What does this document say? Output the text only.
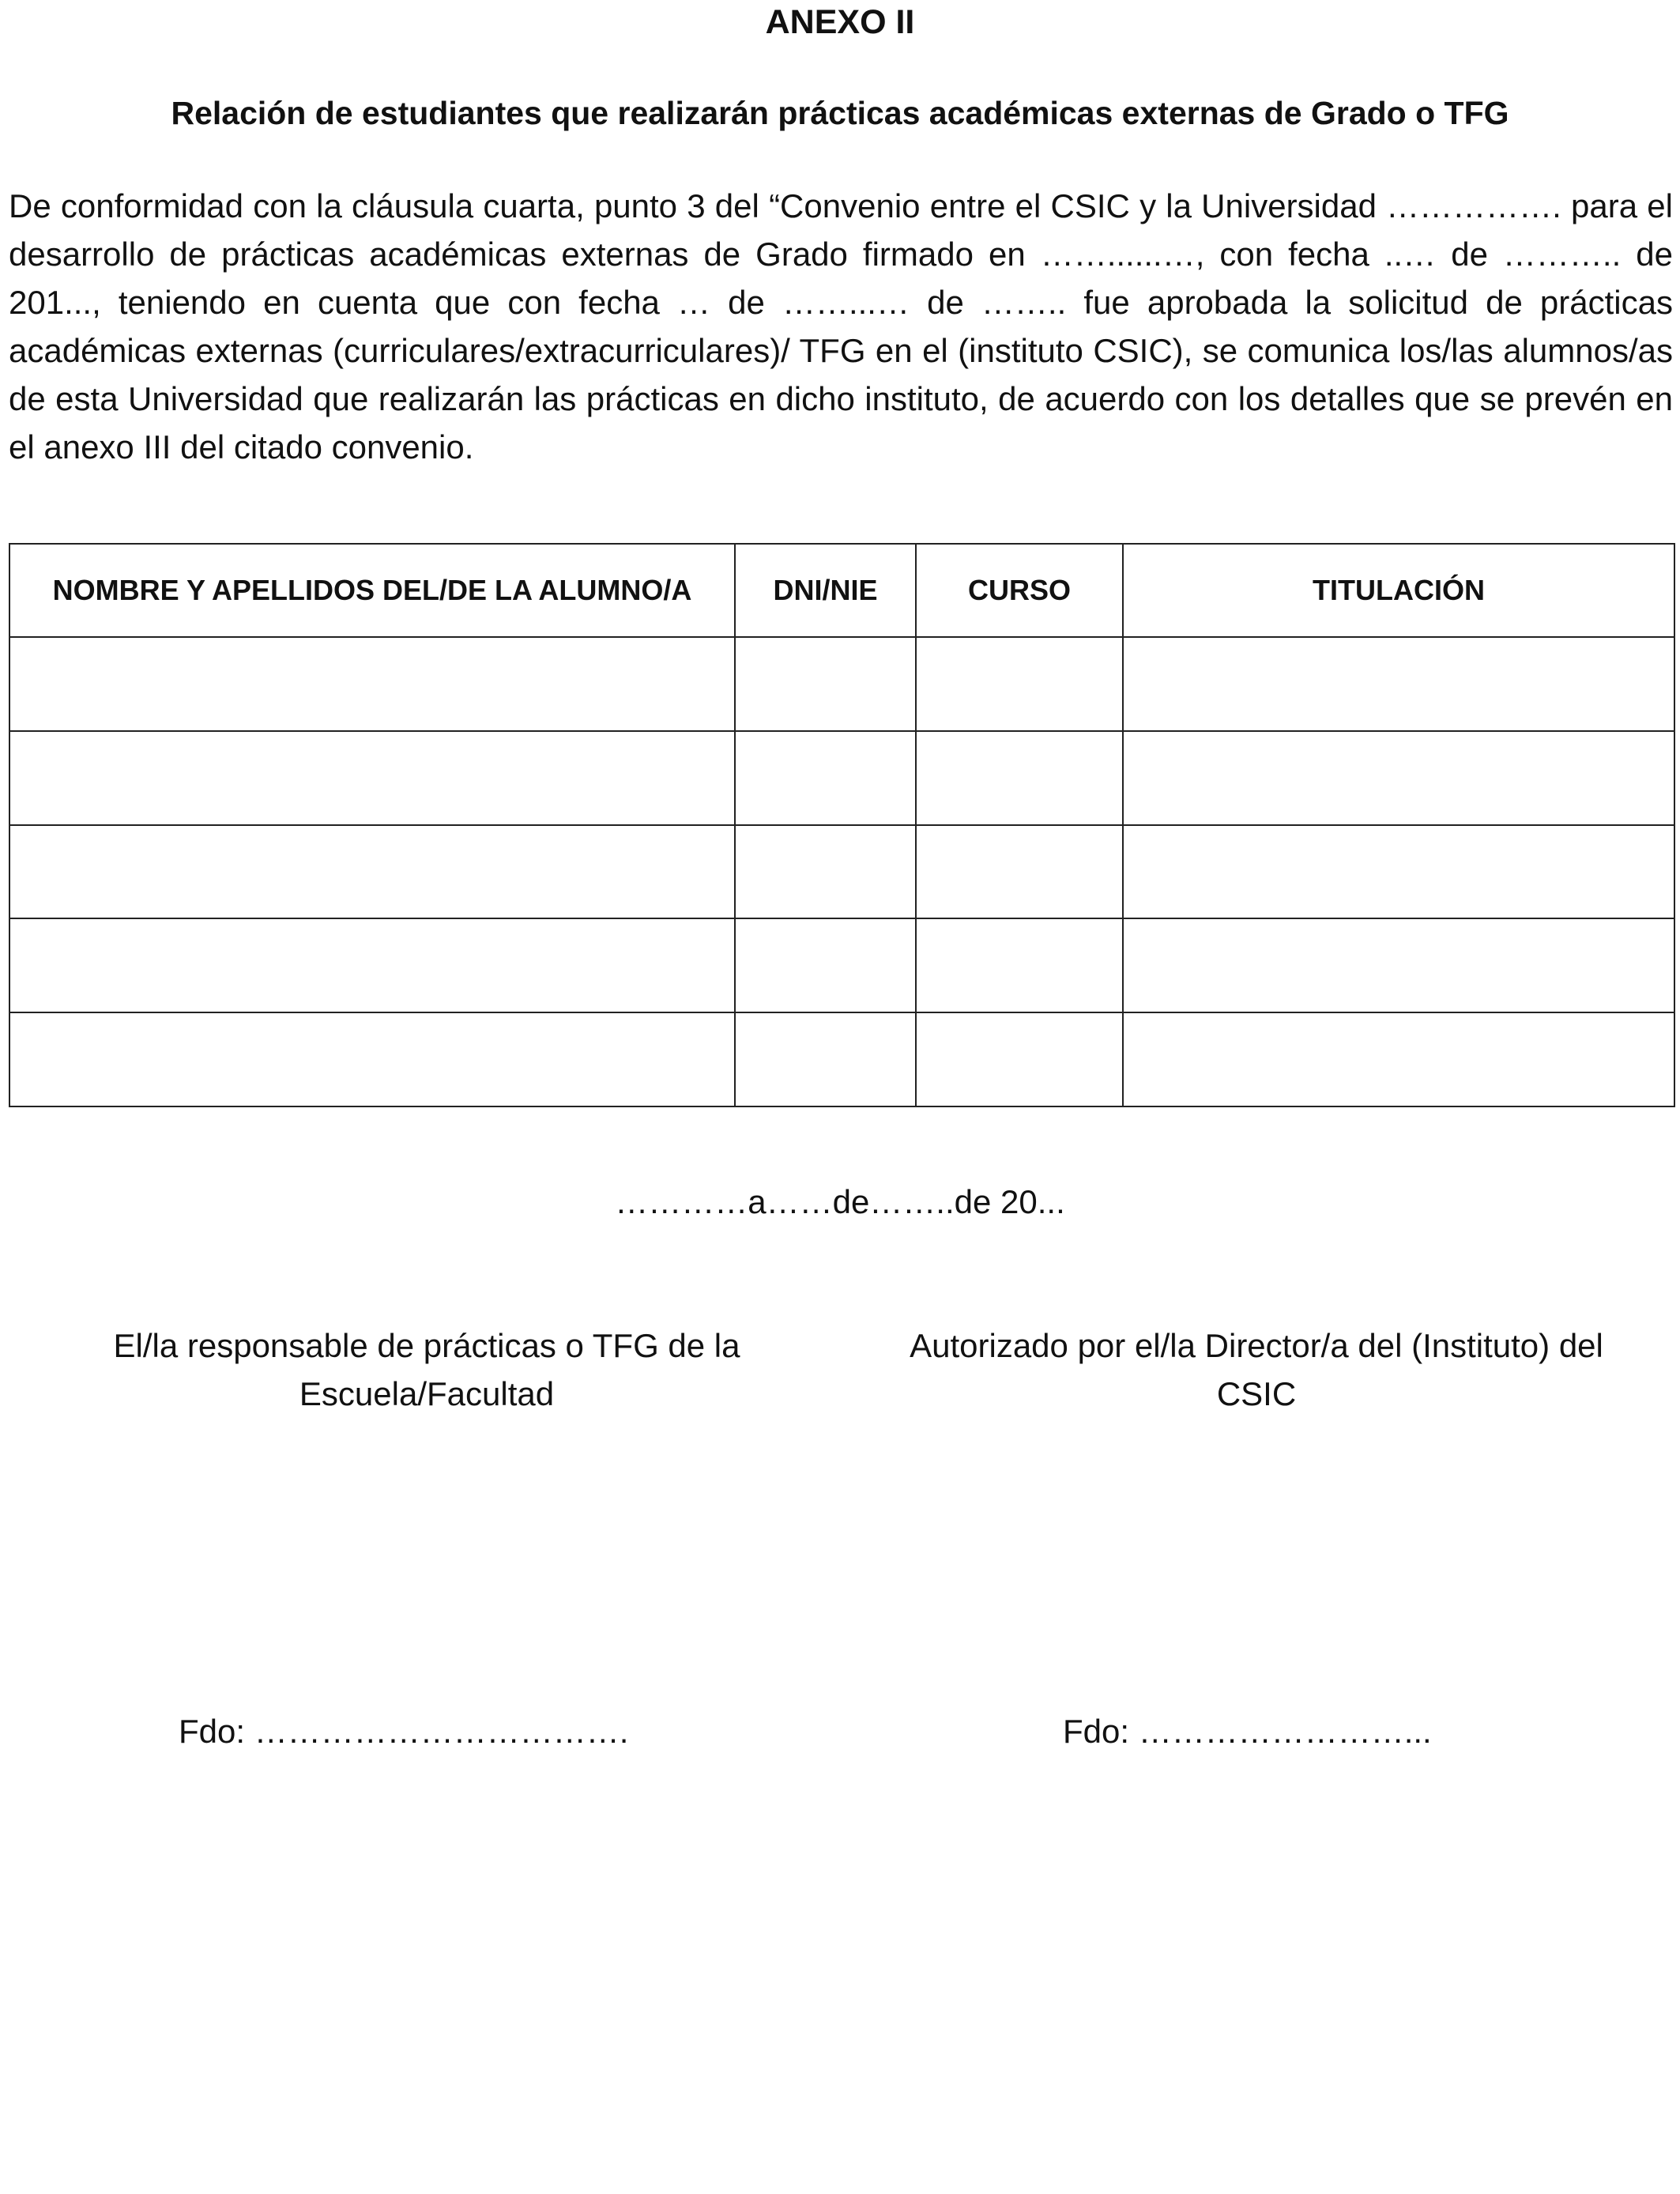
ANEXO II
Relación de estudiantes que realizarán prácticas académicas externas de Grado o TFG
De conformidad con la cláusula cuarta, punto 3 del “Convenio entre el CSIC y la Universidad ……………. para el desarrollo de prácticas académicas externas de Grado firmado en ……......…, con fecha ..… de ……….. de 201..., teniendo en cuenta que con fecha … de ……...… de …….. fue aprobada la solicitud de prácticas académicas externas (curriculares/extracurriculares)/ TFG en el (instituto CSIC), se comunica los/las alumnos/as de esta Universidad que realizarán las prácticas en dicho instituto, de acuerdo con los detalles que se prevén en el anexo III del citado convenio.
NOMBRE Y APELLIDOS DEL/DE LA ALUMNO/A	DNI/NIE	CURSO	TITULACIÓN

…………a……de……..de 20...
El/la responsable de prácticas o TFG de la Escuela/Facultad
Autorizado por el/la Director/a del (Instituto) del CSIC
Fdo: …………………………….	Fdo: ……………………...
